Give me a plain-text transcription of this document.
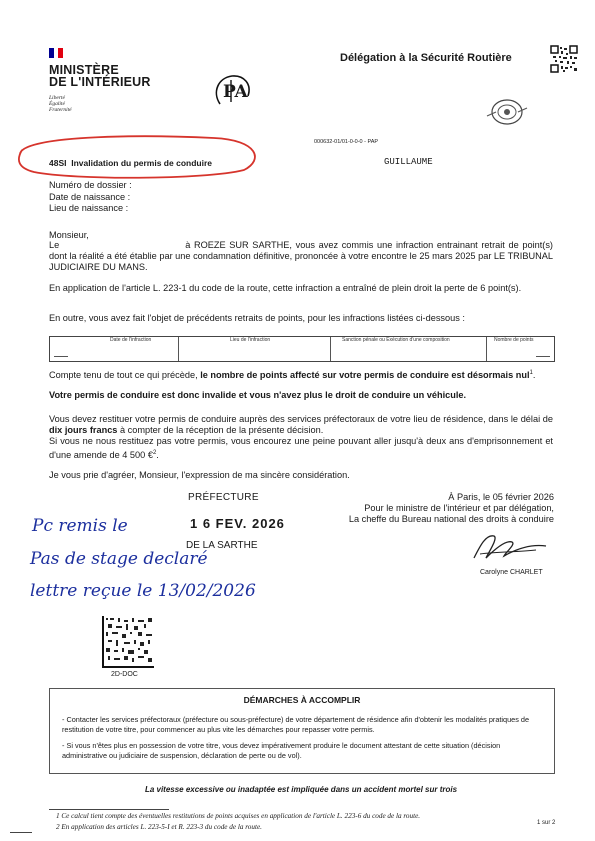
MINISTÈRE
DE L'INTÉRIEUR
Liberté
Égalité
Fraternité
Délégation à la Sécurité Routière
PA
000632-01/01-0-0-0 - PAP
48SI Invalidation du permis de conduire	GUILLAUME
Numéro de dossier :
Date de naissance :
Lieu de naissance :
Monsieur,
Le	à ROEZE SUR SARTHE, vous avez commis une infraction entrainant retrait de point(s) dont la réalité a été établie par une condamnation définitive, prononcée à votre encontre le 25 mars 2025 par LE TRIBUNAL JUDICIAIRE DU MANS.
En application de l'article L. 223-1 du code de la route, cette infraction a entraîné de plein droit la perte de 6 point(s).
En outre, vous avez fait l'objet de précédents retraits de points, pour les infractions listées ci-dessous :
Date de l'infraction	Lieu de l'infraction	Sanction pénale ou Exécution d'une composition	Nombre de points
Compte tenu de tout ce qui précède, le nombre de points affecté sur votre permis de conduire est désormais nul$^1$.
Votre permis de conduire est donc invalide et vous n'avez plus le droit de conduire un véhicule.
Vous devez restituer votre permis de conduire auprès des services préfectoraux de votre lieu de résidence, dans le délai de dix jours francs à compter de la réception de la présente décision.
Si vous ne nous restituez pas votre permis, vous encourez une peine pouvant aller jusqu'à deux ans d'emprisonnement et d'une amende de 4 500 €$^2$.
Je vous prie d'agréer, Monsieur, l'expression de ma sincère considération.
PRÉFECTURE
1 6 FEV. 2026
DE LA SARTHE
À Paris, le 05 février 2026
Pour le ministre de l'intérieur et par délégation,
La cheffe du Bureau national des droits à conduire
Carolyne CHARLET
Pc remis le
Pas de stage declaré
lettre reçue le 13/02/2026
2D-DOC
DÉMARCHES À ACCOMPLIR
- Contacter les services préfectoraux (préfecture ou sous-préfecture) de votre département de résidence afin d'obtenir les modalités pratiques de restitution de votre titre, pour commencer au plus vite les démarches pour repasser votre permis.
- Si vous n'êtes plus en possession de votre titre, vous devez impérativement produire le document attestant de cette situation (décision administrative ou judiciaire de suspension, déclaration de perte ou de vol).
La vitesse excessive ou inadaptée est impliquée dans un accident mortel sur trois
1 Ce calcul tient compte des éventuelles restitutions de points acquises en application de l'article L. 223-6 du code de la route.
2 En application des articles L. 223-5-I et R. 223-3 du code de la route.	1 sur 2
